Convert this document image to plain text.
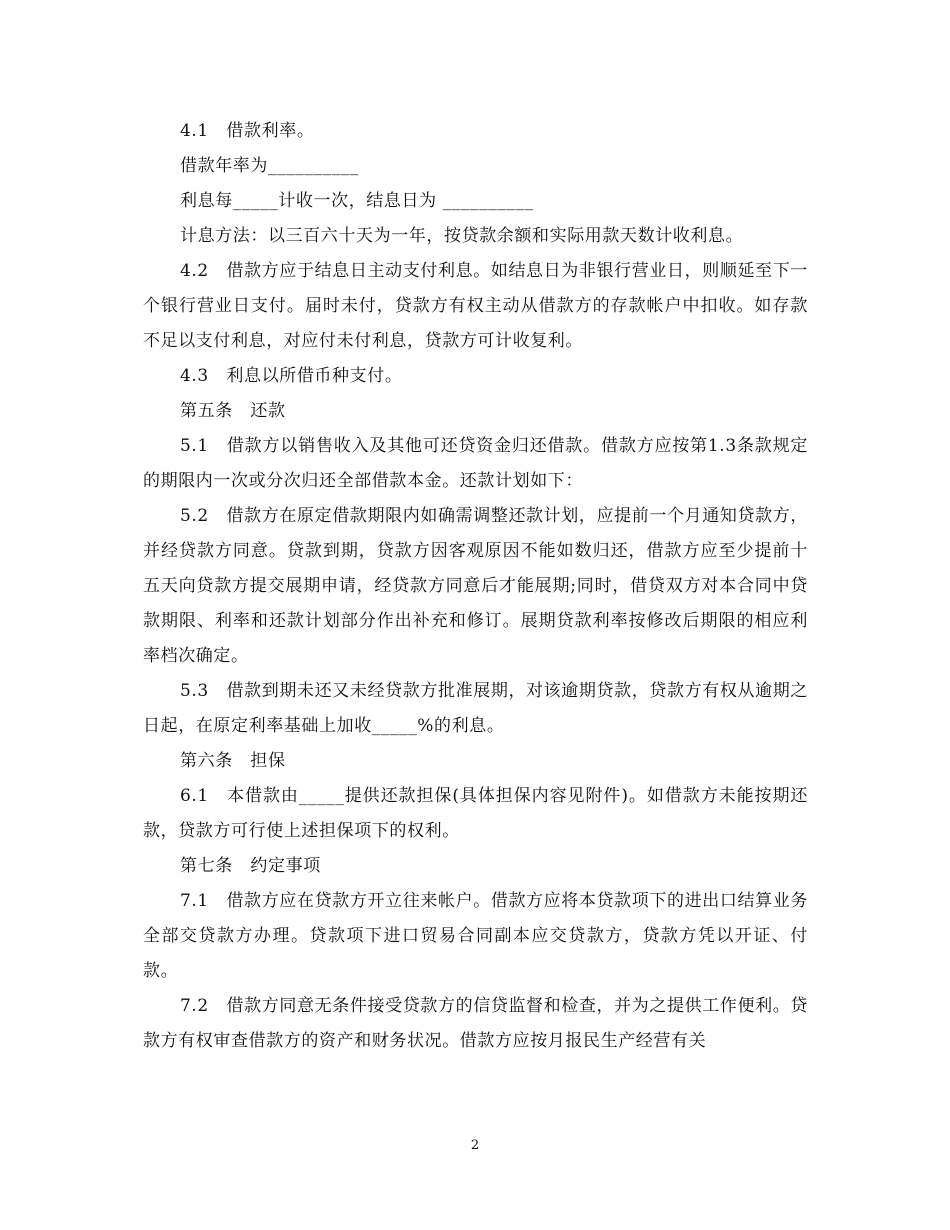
4.1　借款利率。

借款年率为__________

利息每_____计收一次，结息日为 __________

计息方法：以三百六十天为一年，按贷款余额和实际用款天数计收利息。

4.2　借款方应于结息日主动支付利息。如结息日为非银行营业日，则顺延至下一个银行营业日支付。届时未付，贷款方有权主动从借款方的存款帐户中扣收。如存款不足以支付利息，对应付未付利息，贷款方可计收复利。

4.3　利息以所借币种支付。

第五条　还款

5.1　借款方以销售收入及其他可还贷资金归还借款。借款方应按第1.3条款规定的期限内一次或分次归还全部借款本金。还款计划如下：

5.2　借款方在原定借款期限内如确需调整还款计划，应提前一个月通知贷款方，并经贷款方同意。贷款到期，贷款方因客观原因不能如数归还，借款方应至少提前十五天向贷款方提交展期申请，经贷款方同意后才能展期;同时，借贷双方对本合同中贷款期限、利率和还款计划部分作出补充和修订。展期贷款利率按修改后期限的相应利率档次确定。

5.3　借款到期未还又未经贷款方批准展期，对该逾期贷款，贷款方有权从逾期之日起，在原定利率基础上加收_____%的利息。

第六条　担保

6.1　本借款由_____提供还款担保(具体担保内容见附件)。如借款方未能按期还款，贷款方可行使上述担保项下的权利。

第七条　约定事项

7.1　借款方应在贷款方开立往来帐户。借款方应将本贷款项下的进出口结算业务全部交贷款方办理。贷款项下进口贸易合同副本应交贷款方，贷款方凭以开证、付款。

7.2　借款方同意无条件接受贷款方的信贷监督和检查，并为之提供工作便利。贷款方有权审查借款方的资产和财务状况。借款方应按月报民生产经营有关

2
